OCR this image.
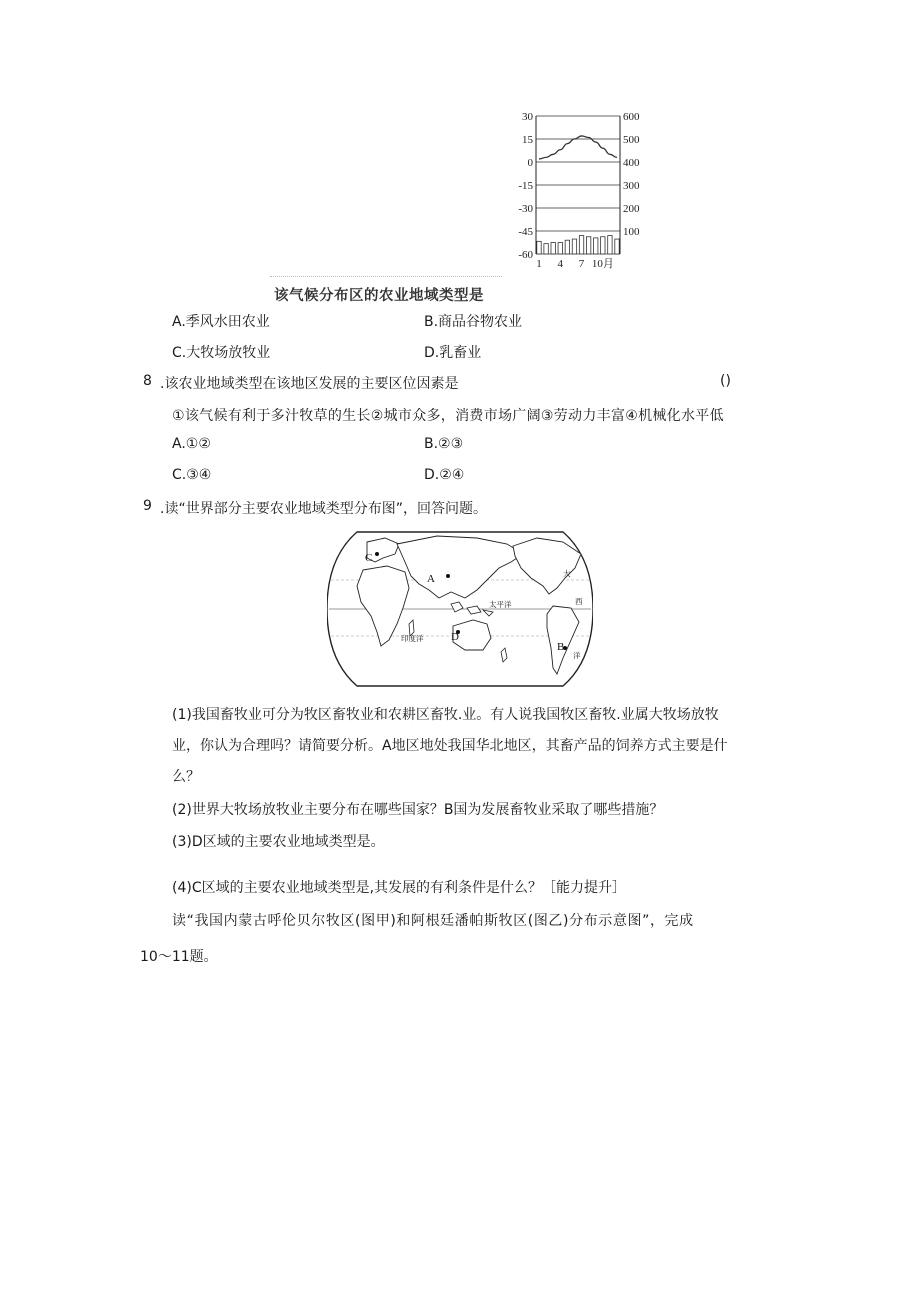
30	600
15	500
0	400
-15	300
-30	200
-45	100
-60
1 4 7 10月
该气候分布区的农业地域类型是
A.季风水田农业	B.商品谷物农业
C.大牧场放牧业	D.乳畜业
8 .该农业地域类型在该地区发展的主要区位因素是	()
①该气候有利于多汁牧草的生长②城市众多，消费市场广阔③劳动力丰富④机械化水平低
A.①②	B.②③
C.③④	D.②④
9 .读“世界部分主要农业地域类型分布图”，回答问题。
C
A
B
D
太平洋
印度洋
大
西
洋
(1)我国畜牧业可分为牧区畜牧业和农耕区畜牧.业。有人说我国牧区畜牧.业属大牧场放牧
业，你认为合理吗？请简要分析。A地区地处我国华北地区，其畜产品的饲养方式主要是什
么？
(2)世界大牧场放牧业主要分布在哪些国家？B国为发展畜牧业采取了哪些措施？
(3)D区域的主要农业地域类型是。
(4)C区域的主要农业地域类型是,其发展的有利条件是什么？［能力提升］
读“我国内蒙古呼伦贝尔牧区(图甲)和阿根廷潘帕斯牧区(图乙)分布示意图”，完成
10～11题。
